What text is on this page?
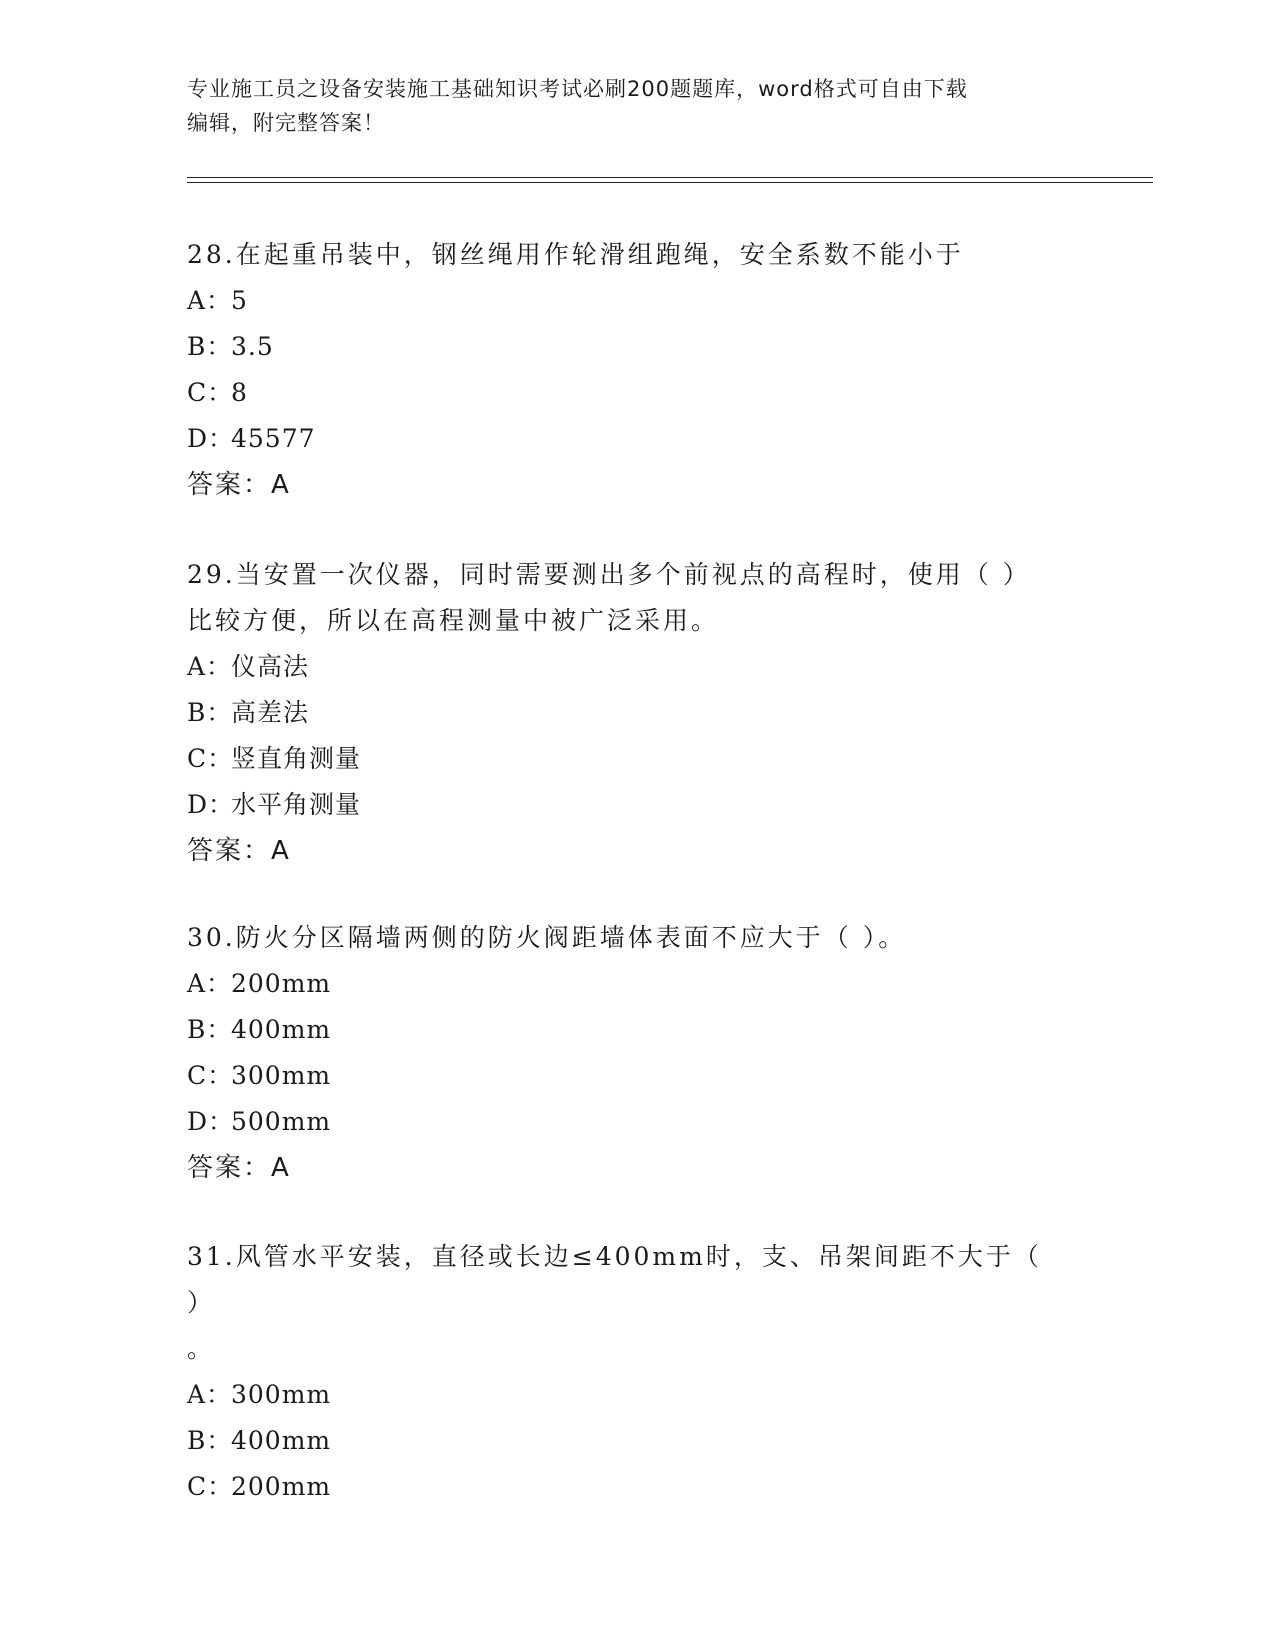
专业施工员之设备安装施工基础知识考试必刷200题题库，word格式可自由下载

编辑，附完整答案！

28.在起重吊装中，钢丝绳用作轮滑组跑绳，安全系数不能小于

A：
5

B：
3.5

C：
8

D：
45577

答案：A

29.当安置一次仪器，同时需要测出多个前视点的高程时，使用（ ）

比较方便，所以在高程测量中被广泛采用。

A：
仪高法

B：
高差法

C：
竖直角测量

D：
水平角测量

答案：A

30.防火分区隔墙两侧的防火阀距墙体表面不应大于（ ）。

A：
200mm

B：
400mm

C：
300mm

D：
500mm

答案：A

31.风管水平安装，直径或长边≤400mm时，支、吊架间距不大于（ ）

。

A：
300mm

B：
400mm

C：
200mm
